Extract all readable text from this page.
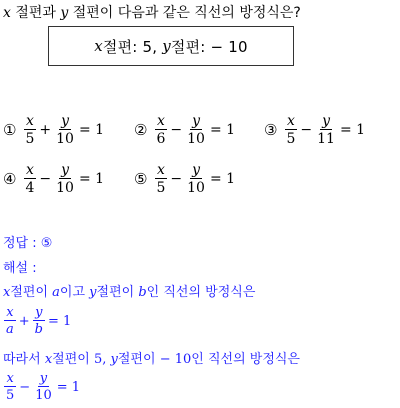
x 절편과 y 절편이 다음과 같은 직선의 방정식은?
x 절편: 5,
y 절편: − 10
① $\frac{x}{5} + \frac{y}{10} = 1$ ② $\frac{x}{6} - \frac{y}{10} = 1$ ③ $\frac{x}{5} - \frac{y}{11} = 1$
④ $\frac{x}{4} - \frac{y}{10} = 1$ ⑤ $\frac{x}{5} - \frac{y}{10} = 1$
정답 : ⑤
해설 :
x절편이 a이고 y절편이 b인 직선의 방정식은
$\frac{x}{a} + \frac{y}{b} = 1$
따라서 x절편이 5, y절편이 − 10인 직선의 방정식은
$\frac{x}{5} - \frac{y}{10} = 1$
